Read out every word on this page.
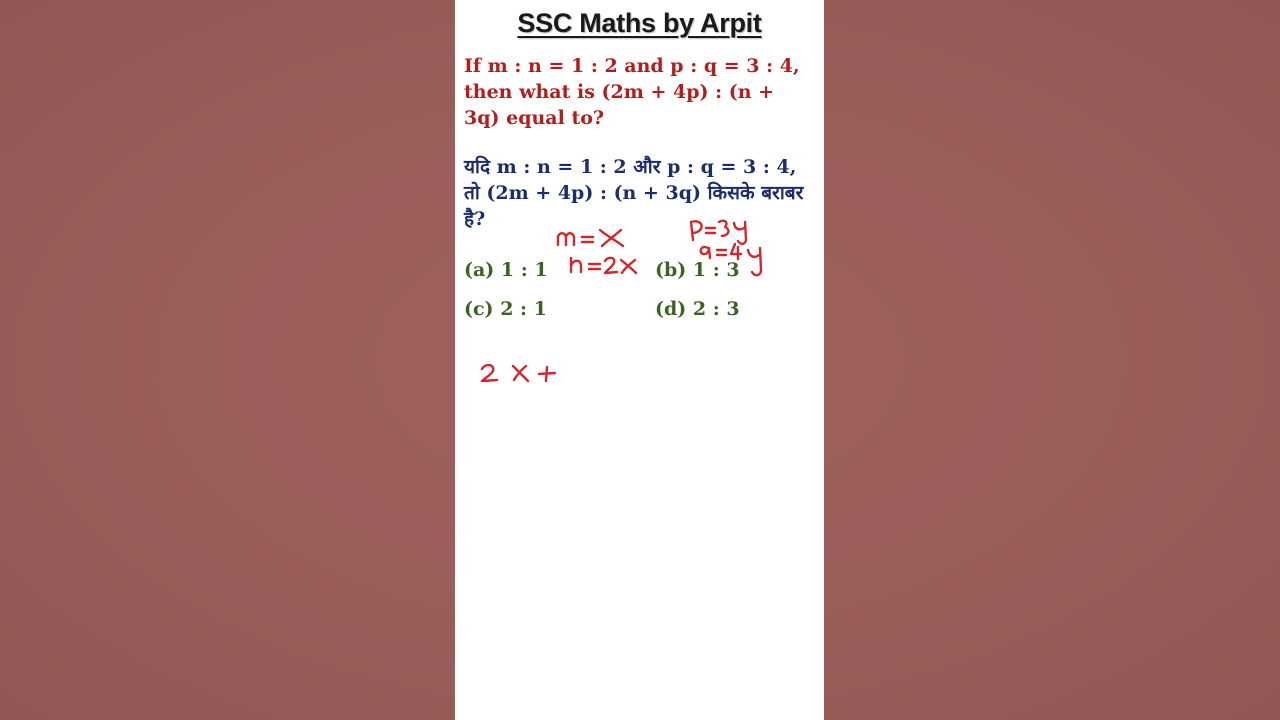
SSC Maths by Arpit
If m : n = 1 : 2 and p : q = 3 : 4, then what is (2m + 4p) : (n + 3q) equal to?
यदि m : n = 1 : 2 और p : q = 3 : 4, तो (2m + 4p) : (n + 3q) किसके बराबर है?
(a) 1 : 1	(b) 1 : 3
(c) 2 : 1	(d) 2 : 3
